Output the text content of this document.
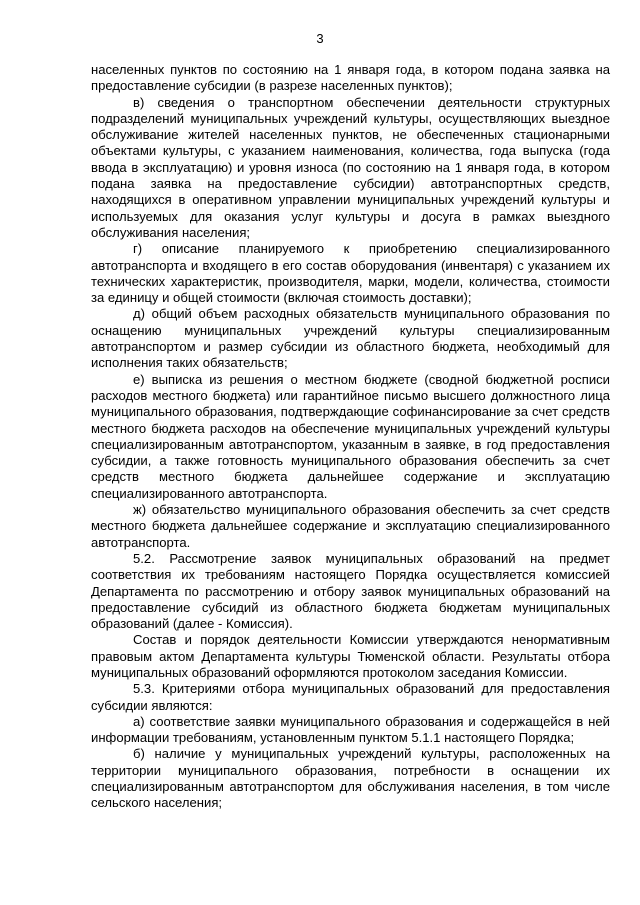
3

населенных пунктов по состоянию на 1 января года, в котором подана заявка на предоставление субсидии (в разрезе населенных пунктов);

в) сведения о транспортном обеспечении деятельности структурных подразделений муниципальных учреждений культуры, осуществляющих выездное обслуживание жителей населенных пунктов, не обеспеченных стационарными объектами культуры, с указанием наименования, количества, года выпуска (года ввода в эксплуатацию) и уровня износа (по состоянию на 1 января года, в котором подана заявка на предоставление субсидии) автотранспортных средств, находящихся в оперативном управлении муниципальных учреждений культуры и используемых для оказания услуг культуры и досуга в рамках выездного обслуживания населения;

г) описание планируемого к приобретению специализированного автотранспорта и входящего в его состав оборудования (инвентаря) с указанием их технических характеристик, производителя, марки, модели, количества, стоимости за единицу и общей стоимости (включая стоимость доставки);

д) общий объем расходных обязательств муниципального образования по оснащению муниципальных учреждений культуры специализированным автотранспортом и размер субсидии из областного бюджета, необходимый для исполнения таких обязательств;

е) выписка из решения о местном бюджете (сводной бюджетной росписи расходов местного бюджета) или гарантийное письмо высшего должностного лица муниципального образования, подтверждающие софинансирование за счет средств местного бюджета расходов на обеспечение муниципальных учреждений культуры специализированным автотранспортом, указанным в заявке, в год предоставления субсидии, а также готовность муниципального образования обеспечить за счет средств местного бюджета дальнейшее содержание и эксплуатацию специализированного автотранспорта.

ж) обязательство муниципального образования обеспечить за счет средств местного бюджета дальнейшее содержание и эксплуатацию специализированного автотранспорта.

5.2. Рассмотрение заявок муниципальных образований на предмет соответствия их требованиям настоящего Порядка осуществляется комиссией Департамента по рассмотрению и отбору заявок муниципальных образований на предоставление субсидий из областного бюджета бюджетам муниципальных образований (далее - Комиссия).

Состав и порядок деятельности Комиссии утверждаются ненормативным правовым актом Департамента культуры Тюменской области. Результаты отбора муниципальных образований оформляются протоколом заседания Комиссии.

5.3. Критериями отбора муниципальных образований для предоставления субсидии являются:

а) соответствие заявки муниципального образования и содержащейся в ней информации требованиям, установленным пунктом 5.1.1 настоящего Порядка;

б) наличие у муниципальных учреждений культуры, расположенных на территории муниципального образования, потребности в оснащении их специализированным автотранспортом для обслуживания населения, в том числе сельского населения;
